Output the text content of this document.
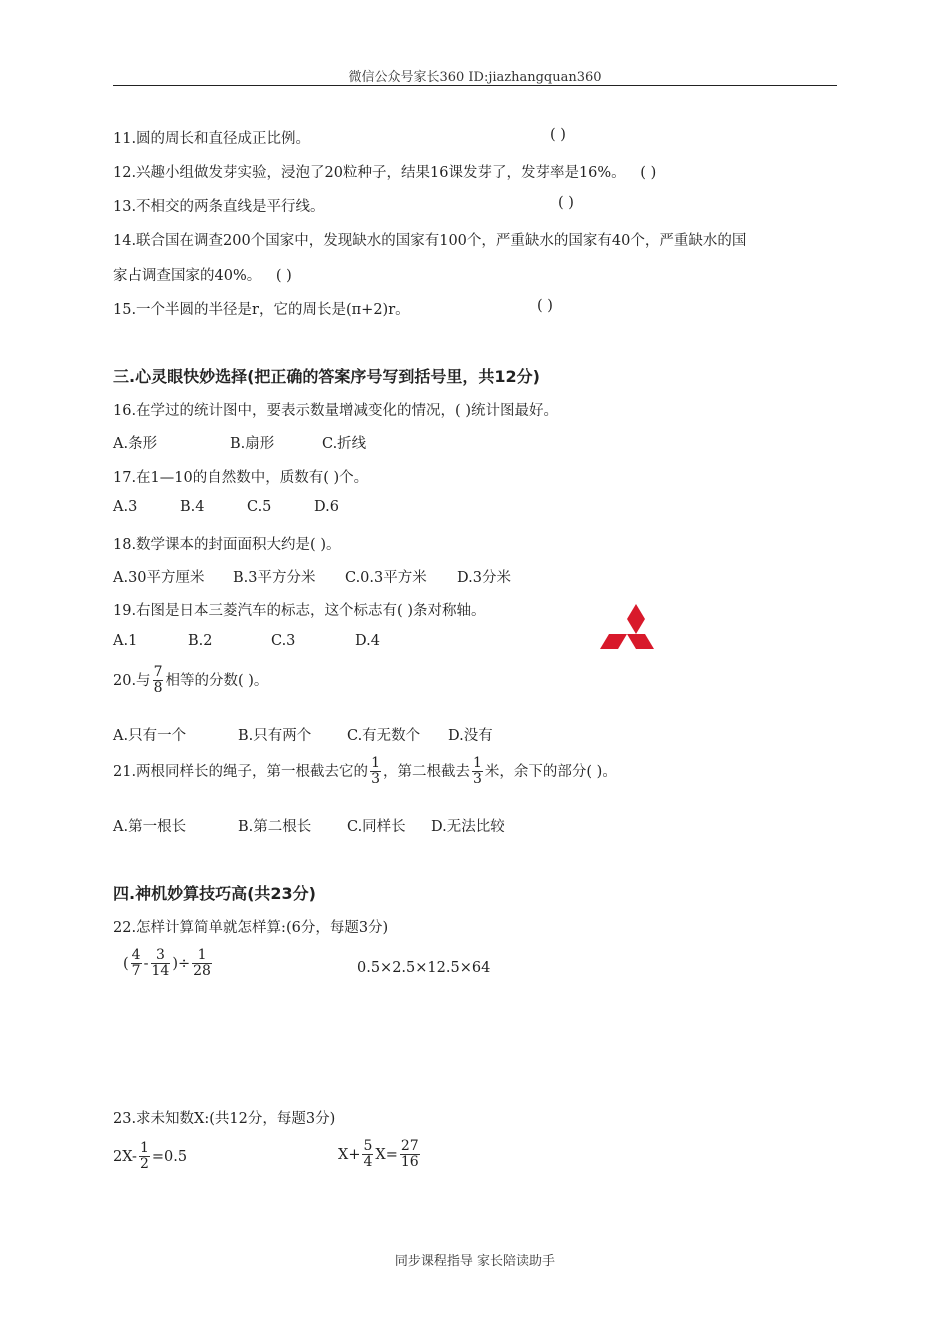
微信公众号家长360 ID:jiazhangquan360
11.圆的周长和直径成正比例。	( )
12.兴趣小组做发芽实验，浸泡了20粒种子，结果16课发芽了，发芽率是16%。 ( )
13.不相交的两条直线是平行线。	( )
14.联合国在调查200个国家中，发现缺水的国家有100个，严重缺水的国家有40个，严重缺水的国
家占调查国家的40%。 ( )
15.一个半圆的半径是r，它的周长是(π+2)r。	( )
三.心灵眼快妙选择(把正确的答案序号写到括号里，共12分)
16.在学过的统计图中，要表示数量增减变化的情况，( )统计图最好。
A.条形	B.扇形	C.折线
17.在1—10的自然数中，质数有( )个。
A.3	B.4	C.5	D.6
18.数学课本的封面面积大约是( )。
A.30平方厘米 B.3平方分米 C.0.3平方米 D.3分米
19.右图是日本三菱汽车的标志，这个标志有( )条对称轴。
A.1	B.2	C.3	D.4
20.与 $\frac{7}{8}$ 相等的分数( )。
A.只有一个	B.只有两个 C.有无数个 D.没有
21.两根同样长的绳子，第一根截去它的 $\frac{1}{3}$ ，第二根截去 $\frac{1}{3}$ 米，余下的部分( )。
A.第一根长	B.第二根长 C.同样长 D.无法比较
四.神机妙算技巧高(共23分)
22.怎样计算简单就怎样算:(6分，每题3分)
( $\frac{4}{7} - \frac{3}{14}$ )÷ $\frac{1}{28}$	0.5×2.5×12.5×64
23.求未知数X:(共12分，每题3分)
$2X- \frac{1}{2} =0.5$	$X+ \frac{5}{4} X= \frac{27}{16}$
同步课程指导 家长陪读助手
